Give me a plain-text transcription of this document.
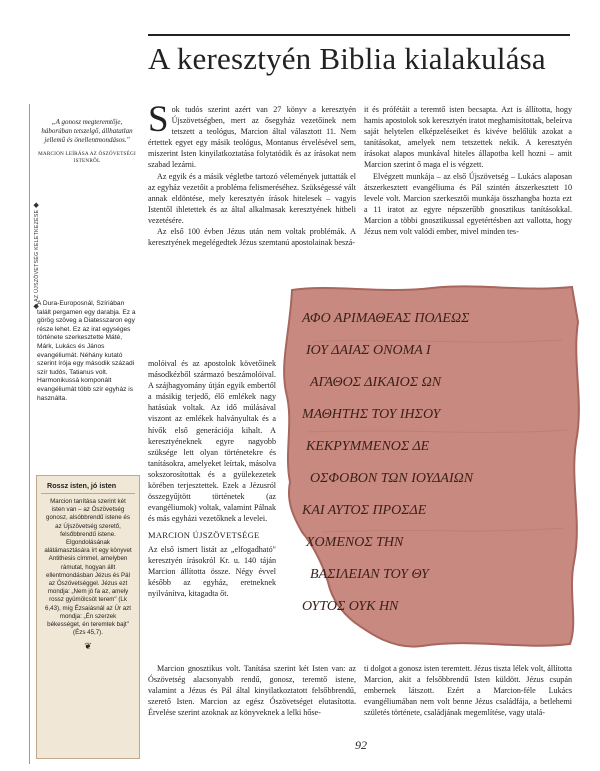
◆ AZ ÚJSZÖVETSÉG KELETKEZÉSE ◆
„A gonosz megteremtője, háborúban tetszelgő, állhatatlan jellemű és önellentmondásos."
MARCION LEÍRÁSA AZ ÓSZÖVETSÉGI ISTENRŐL
A Dura-Europosnál, Szíriában talált pergamen egy darabja. Ez a görög szöveg a Diatesszaron egy része lehet. Ez az irat egységes története szerkesztette Máté, Márk, Lukács és János evangéliumát. Néhány kutató szerint írója egy második századi szír tudós, Tatianus volt. Harmonikussá komponált evangéliumát több szír egyház is használta.
Rossz isten, jó isten
Marcion tanítása szerint két isten van – az Ószövetség gonosz, alsóbbrendű istene és az Újszövetség szerető, felsőbbrendű istene. Elgondolásának alátámasztására írt egy könyvet Antithesis címmel, amelyben rámutat, hogyan állt ellentmondásban Jézus és Pál az Ószövetséggel. Jézus ezt mondja: „Nem jó fa az, amely rossz gyümölcsöt terem" (Lk 6,43), míg Ézsaiásnál az Úr azt mondja: „Én szerzek békességet, én teremtek bajt" (Ézs 45,7).
❦
A keresztyén Biblia kialakulása

Sok tudós szerint azért van 27 könyv a keresztyén Újszövetségben, mert az ősegyház vezetőinek nem tetszett a teológus, Marcion által választott 11. Nem értettek egyet egy másik teológus, Montanus érvelésével sem, miszerint Isten kinyilatkoztatása folytatódik és az írásokat nem szabad lezárni.

Az egyik és a másik végletbe tartozó vélemények juttatták el az egyház vezetőit a probléma felismeréséhez. Szükségessé vált annak eldöntése, mely keresztyén írások hitelesek – vagyis Istentől ihletettek és az által alkalmasak keresztyének hitbeli vezetésére.

Az első 100 évben Jézus után nem voltak problémák. A keresztyének megelégedtek Jézus szemtanú apostolainak beszá-

molóival és az apostolok követőinek másodkézből származó beszámolóival. A szájhagyomány útján egyik embertől a másikig terjedő, élő emlékek nagy hatásúak voltak. Az idő múlásával viszont az emlékek halványultak és a hívők első generációja kihalt. A keresztyéneknek egyre nagyobb szüksége lett olyan történetekre és tanításokra, amelyeket leírtak, másolva sokszorosítottak és a gyülekezetek körében terjesztettek. Ezek a Jézusról összegyűjtött történetek (az evangéliumok) voltak, valamint Pálnak és más egyházi vezetőknek a levelei.

MARCION ÚJSZÖVETSÉGE

Az első ismert listát az „elfogadható" keresztyén írásokról Kr. u. 140 táján Marcion állította össze. Négy évvel később az egyház, eretneknek nyilvánítva, kitagadta őt.

it és prófétáit a teremtő isten becsapta. Azt is állította, hogy hamis apostolok sok keresztyén iratot meghamisítottak, beleírva saját helytelen elképzeléseiket és kivéve belőlük azokat a tanításokat, amelyek nem tetszettek nekik. A keresztyén írásokat alapos munkával hiteles állapotba kell hozni – amit Marcion szerint ő maga el is végzett.

Elvégzett munkája – az első Újszövetség – Lukács alaposan átszerkesztett evangéliuma és Pál szintén átszerkesztett 10 levele volt. Marcion szerkesztői munkája összhangba hozta ezt a 11 iratot az egyre népszerűbb gnosztikus tanításokkal. Marcion a többi gnosztikussal egyetértésben azt vallotta, hogy Jézus nem volt valódi ember, mivel minden tes-

ΑΦΟ ΑΡΙΜΑΘΕΑΣ ΠΟΛΕΩΣ
ΙΟΥ ΔΑΙΑΣ ΟΝΟΜΑ Ι
ΑΓΑΘΟΣ ΔΙΚΑΙΟΣ ΩΝ
ΜΑΘΗΤΗΣ ΤΟΥ ΙΗΣΟΥ
ΚΕΚΡΥΜΜΕΝΟΣ ΔΕ
ΟΣΦΟΒΟΝ ΤΩΝ ΙΟΥΔΑΙΩΝ
ΚΑΙ ΑΥΤΟΣ ΠΡΟΣΔΕ
ΧΟΜΕΝΟΣ ΤΗΝ
ΒΑΣΙΛΕΙΑΝ ΤΟΥ ΘΥ
ΟΥΤΟΣ ΟΥΚ ΗΝ

Marcion gnosztikus volt. Tanítása szerint két Isten van: az Ószövetség alacsonyabb rendű, gonosz, teremtő istene, valamint a Jézus és Pál által kinyilatkoztatott felsőbbrendű, szerető Isten. Marcion az egész Ószövetséget elutasította. Érvelése szerint azoknak az könyveknek a lelki hőse-

ti dolgot a gonosz isten teremtett. Jézus tiszta lélek volt, állította Marcion, akit a felsőbbrendű Isten küldött. Jézus csupán embernek látszott. Ezért a Marcion-féle Lukács evangéliumában nem volt benne Jézus családfája, a betlehemi születés története, családjának megemlítése, vagy utalá-

92
